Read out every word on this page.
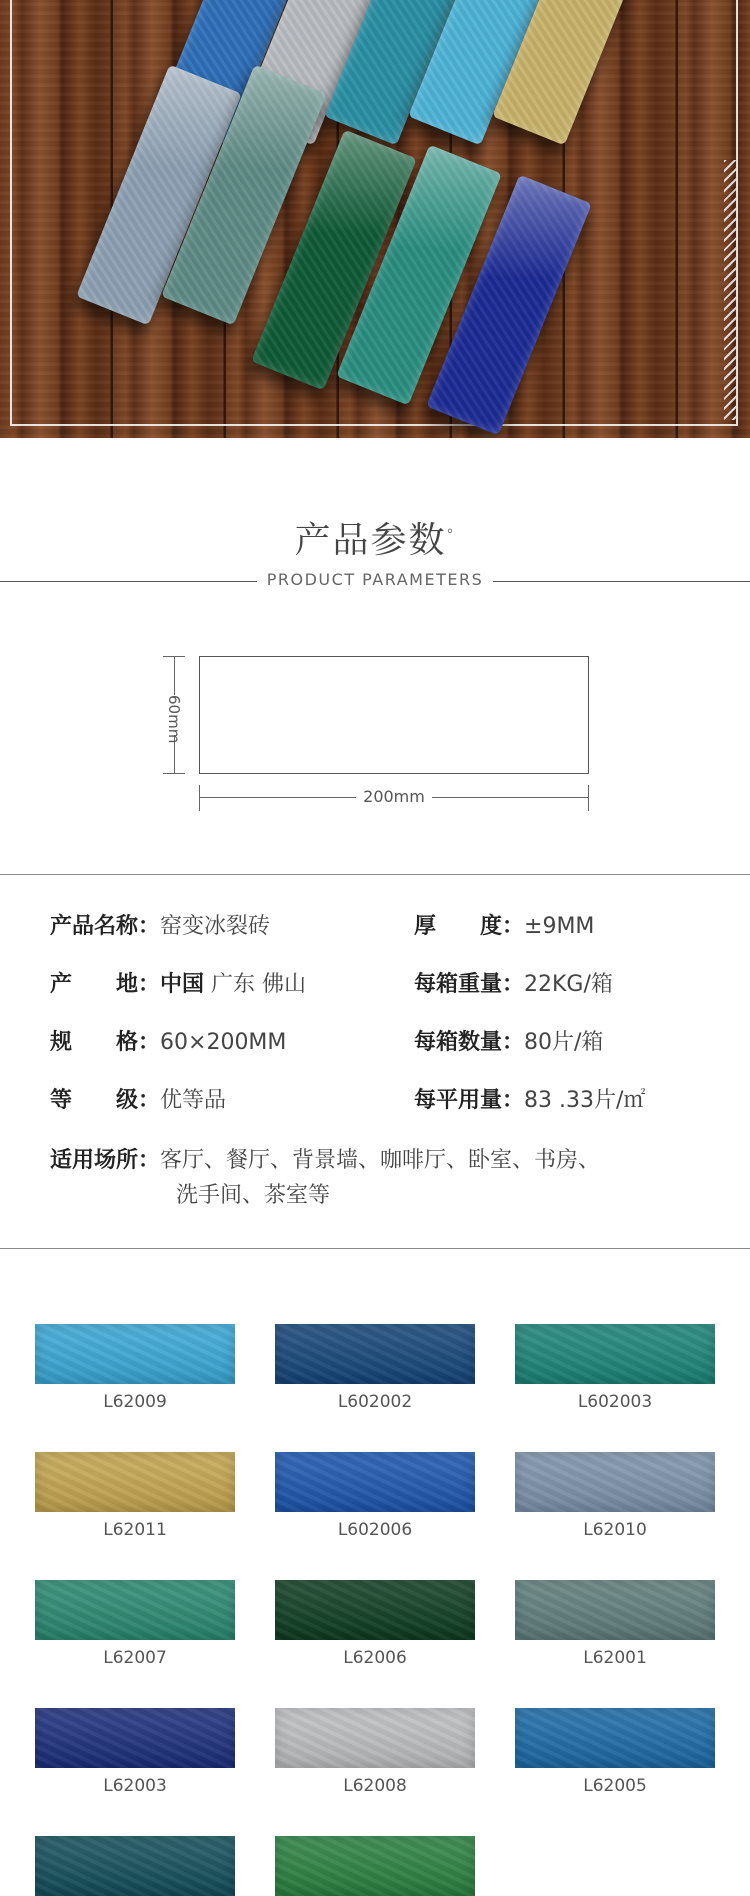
产品参数°
PRODUCT PARAMETERS
60mm
200mm
产品名称：窑变冰裂砖	厚　　度：±9MM
产　　地：中国 广东 佛山	每箱重量：22KG/箱
规　　格：60×200MM	每箱数量：80片/箱
等　　级：优等品	每平用量：83 .33片/㎡
适用场所：客厅、餐厅、背景墙、咖啡厅、卧室、书房、
洗手间、茶室等
L62009	L602002	L602003
L62011	L602006	L62010
L62007	L62006	L62001
L62003	L62008	L62005
